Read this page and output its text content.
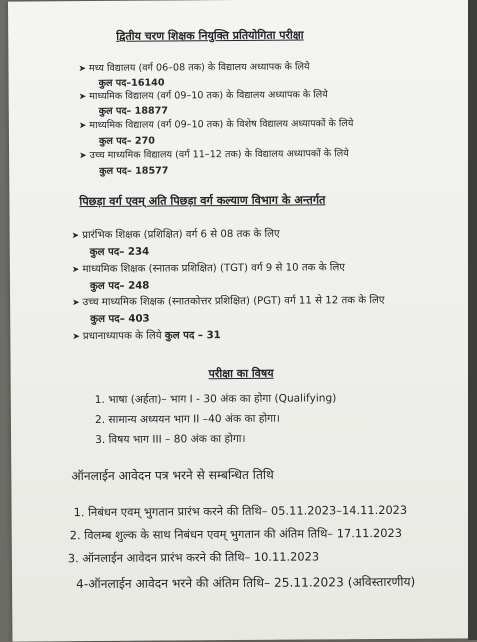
द्वितीय चरण शिक्षक नियुक्ति प्रतियोगिता परीक्षा
➤ मध्य विद्यालय (वर्ग 06–08 तक) के विद्यालय अध्यापक के लिये
कुल पद–16140
➤ माध्यमिक विद्यालय (वर्ग 09–10 तक) के विद्यालय अध्यापक के लिये
कुल पद– 18877
➤ माध्यमिक विद्यालय (वर्ग 09–10 तक) के विशेष विद्यालय अध्यापकों के लिये
कुल पद– 270
➤ उच्च माध्यमिक विद्यालय (वर्ग 11–12 तक) के विद्यालय अध्यापकों के लिये
कुल पद– 18577
पिछड़ा वर्ग एवम् अति पिछड़ा वर्ग कल्याण विभाग के अन्तर्गत
➤ प्रारंभिक शिक्षक (प्रशिक्षित) वर्ग 6 से 08 तक के लिए
कुल पद– 234
➤ माध्यमिक शिक्षक (स्नातक प्रशिक्षित) (TGT) वर्ग 9 से 10 तक के लिए
कुल पद– 248
➤ उच्च माध्यमिक शिक्षक (स्नातकोत्तर प्रशिक्षित) (PGT) वर्ग 11 से 12 तक के लिए
कुल पद– 403
➤ प्रधानाध्यापक के लिये कुल पद – 31
परीक्षा का विषय
1. भाषा (अर्हता)– भाग I - 30 अंक का होगा (Qualifying)
2. सामान्य अध्ययन भाग II –40 अंक का होगा।
3. विषय भाग III – 80 अंक का होगा।
ऑनलाईन आवेदन पत्र भरने से सम्बन्धित तिथि
1. निबंधन एवम् भुगतान प्रारंभ करने की तिथि– 05.11.2023–14.11.2023
2. विलम्ब शुल्क के साथ निबंधन एवम् भुगतान की अंतिम तिथि– 17.11.2023
3. ऑनलाईन आवेदन प्रारंभ करने की तिथि– 10.11.2023
4-ऑनलाईन आवेदन भरने की अंतिम तिथि– 25.11.2023 (अविस्तारणीय)
